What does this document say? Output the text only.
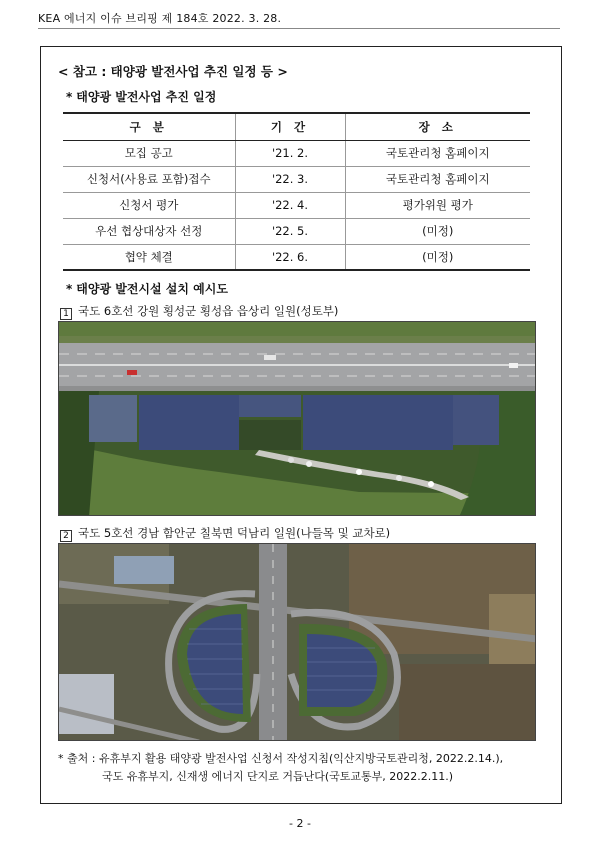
KEA 에너지 이슈 브리핑 제 184호 2022. 3. 28.
< 참고 : 태양광 발전사업 추진 일정 등 >
* 태양광 발전사업 추진 일정
구 분	기 간	장 소
모집 공고	'21. 2.	국토관리청 홈페이지
신청서(사용료 포함)접수	'22. 3.	국토관리청 홈페이지
신청서 평가	'22. 4.	평가위원 평가
우선 협상대상자 선정	'22. 5.	(미정)
협약 체결	'22. 6.	(미정)
* 태양광 발전시설 설치 예시도
1 국도 6호선 강원 횡성군 횡성읍 읍상리 일원(성토부)
2 국도 5호선 경남 함안군 칠북면 덕남리 일원(나들목 및 교차로)
* 출처 : 유휴부지 활용 태양광 발전사업 신청서 작성지침(익산지방국토관리청, 2022.2.14.),
국도 유휴부지, 신재생 에너지 단지로 거듭난다(국토교통부, 2022.2.11.)
- 2 -
